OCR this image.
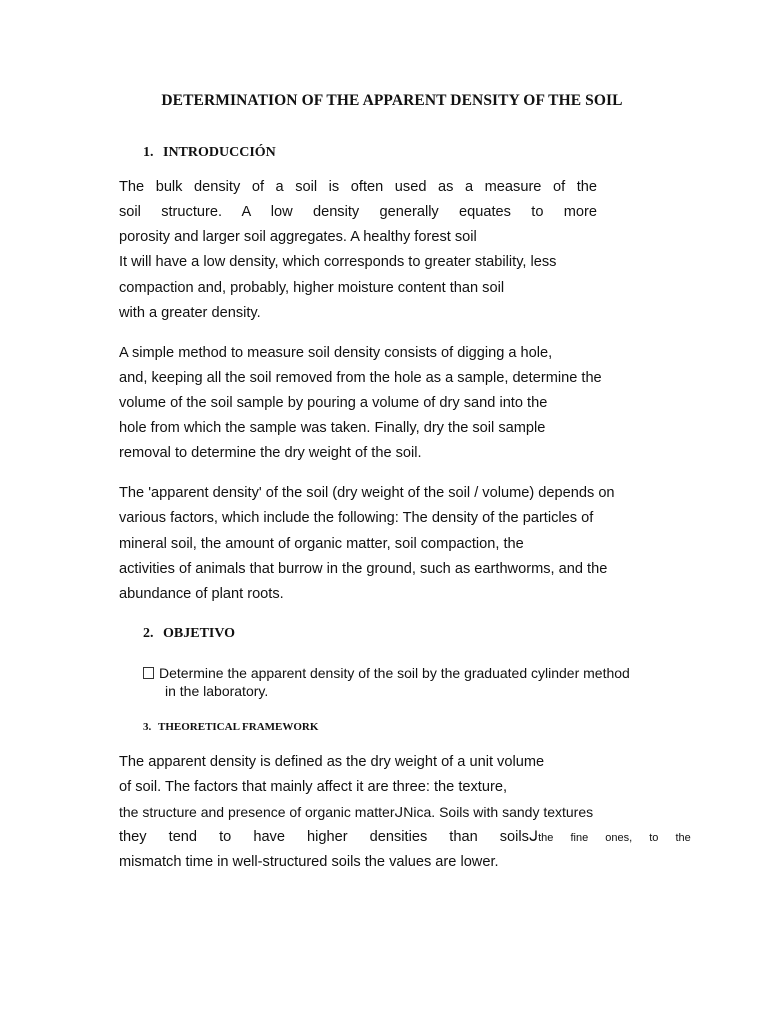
DETERMINATION OF THE APPARENT DENSITY OF THE SOIL
1. INTRODUCCIÓN
The bulk density of a soil is often used as a measure of the
soil structure. A low density generally equates to more
porosity and larger soil aggregates. A healthy forest soil
It will have a low density, which corresponds to greater stability, less
compaction and, probably, higher moisture content than soil
with a greater density.
A simple method to measure soil density consists of digging a hole,
and, keeping all the soil removed from the hole as a sample, determine the
volume of the soil sample by pouring a volume of dry sand into the
hole from which the sample was taken. Finally, dry the soil sample
removal to determine the dry weight of the soil.
The 'apparent density' of the soil (dry weight of the soil / volume) depends on
various factors, which include the following: The density of the particles of
mineral soil, the amount of organic matter, soil compaction, the
activities of animals that burrow in the ground, such as earthworms, and the
abundance of plant roots.
2. OBJETIVO
Determine the apparent density of the soil by the graduated cylinder method
in the laboratory.
3. THEORETICAL FRAMEWORK
The apparent density is defined as the dry weight of a unit volume
of soil. The factors that mainly affect it are three: the texture,
the structure and presence of organic matterᒍNica. Soils with sandy textures
they tend to have higher densities than soilsᒍthe fine ones, to the
mismatch time in well-structured soils the values are lower.
